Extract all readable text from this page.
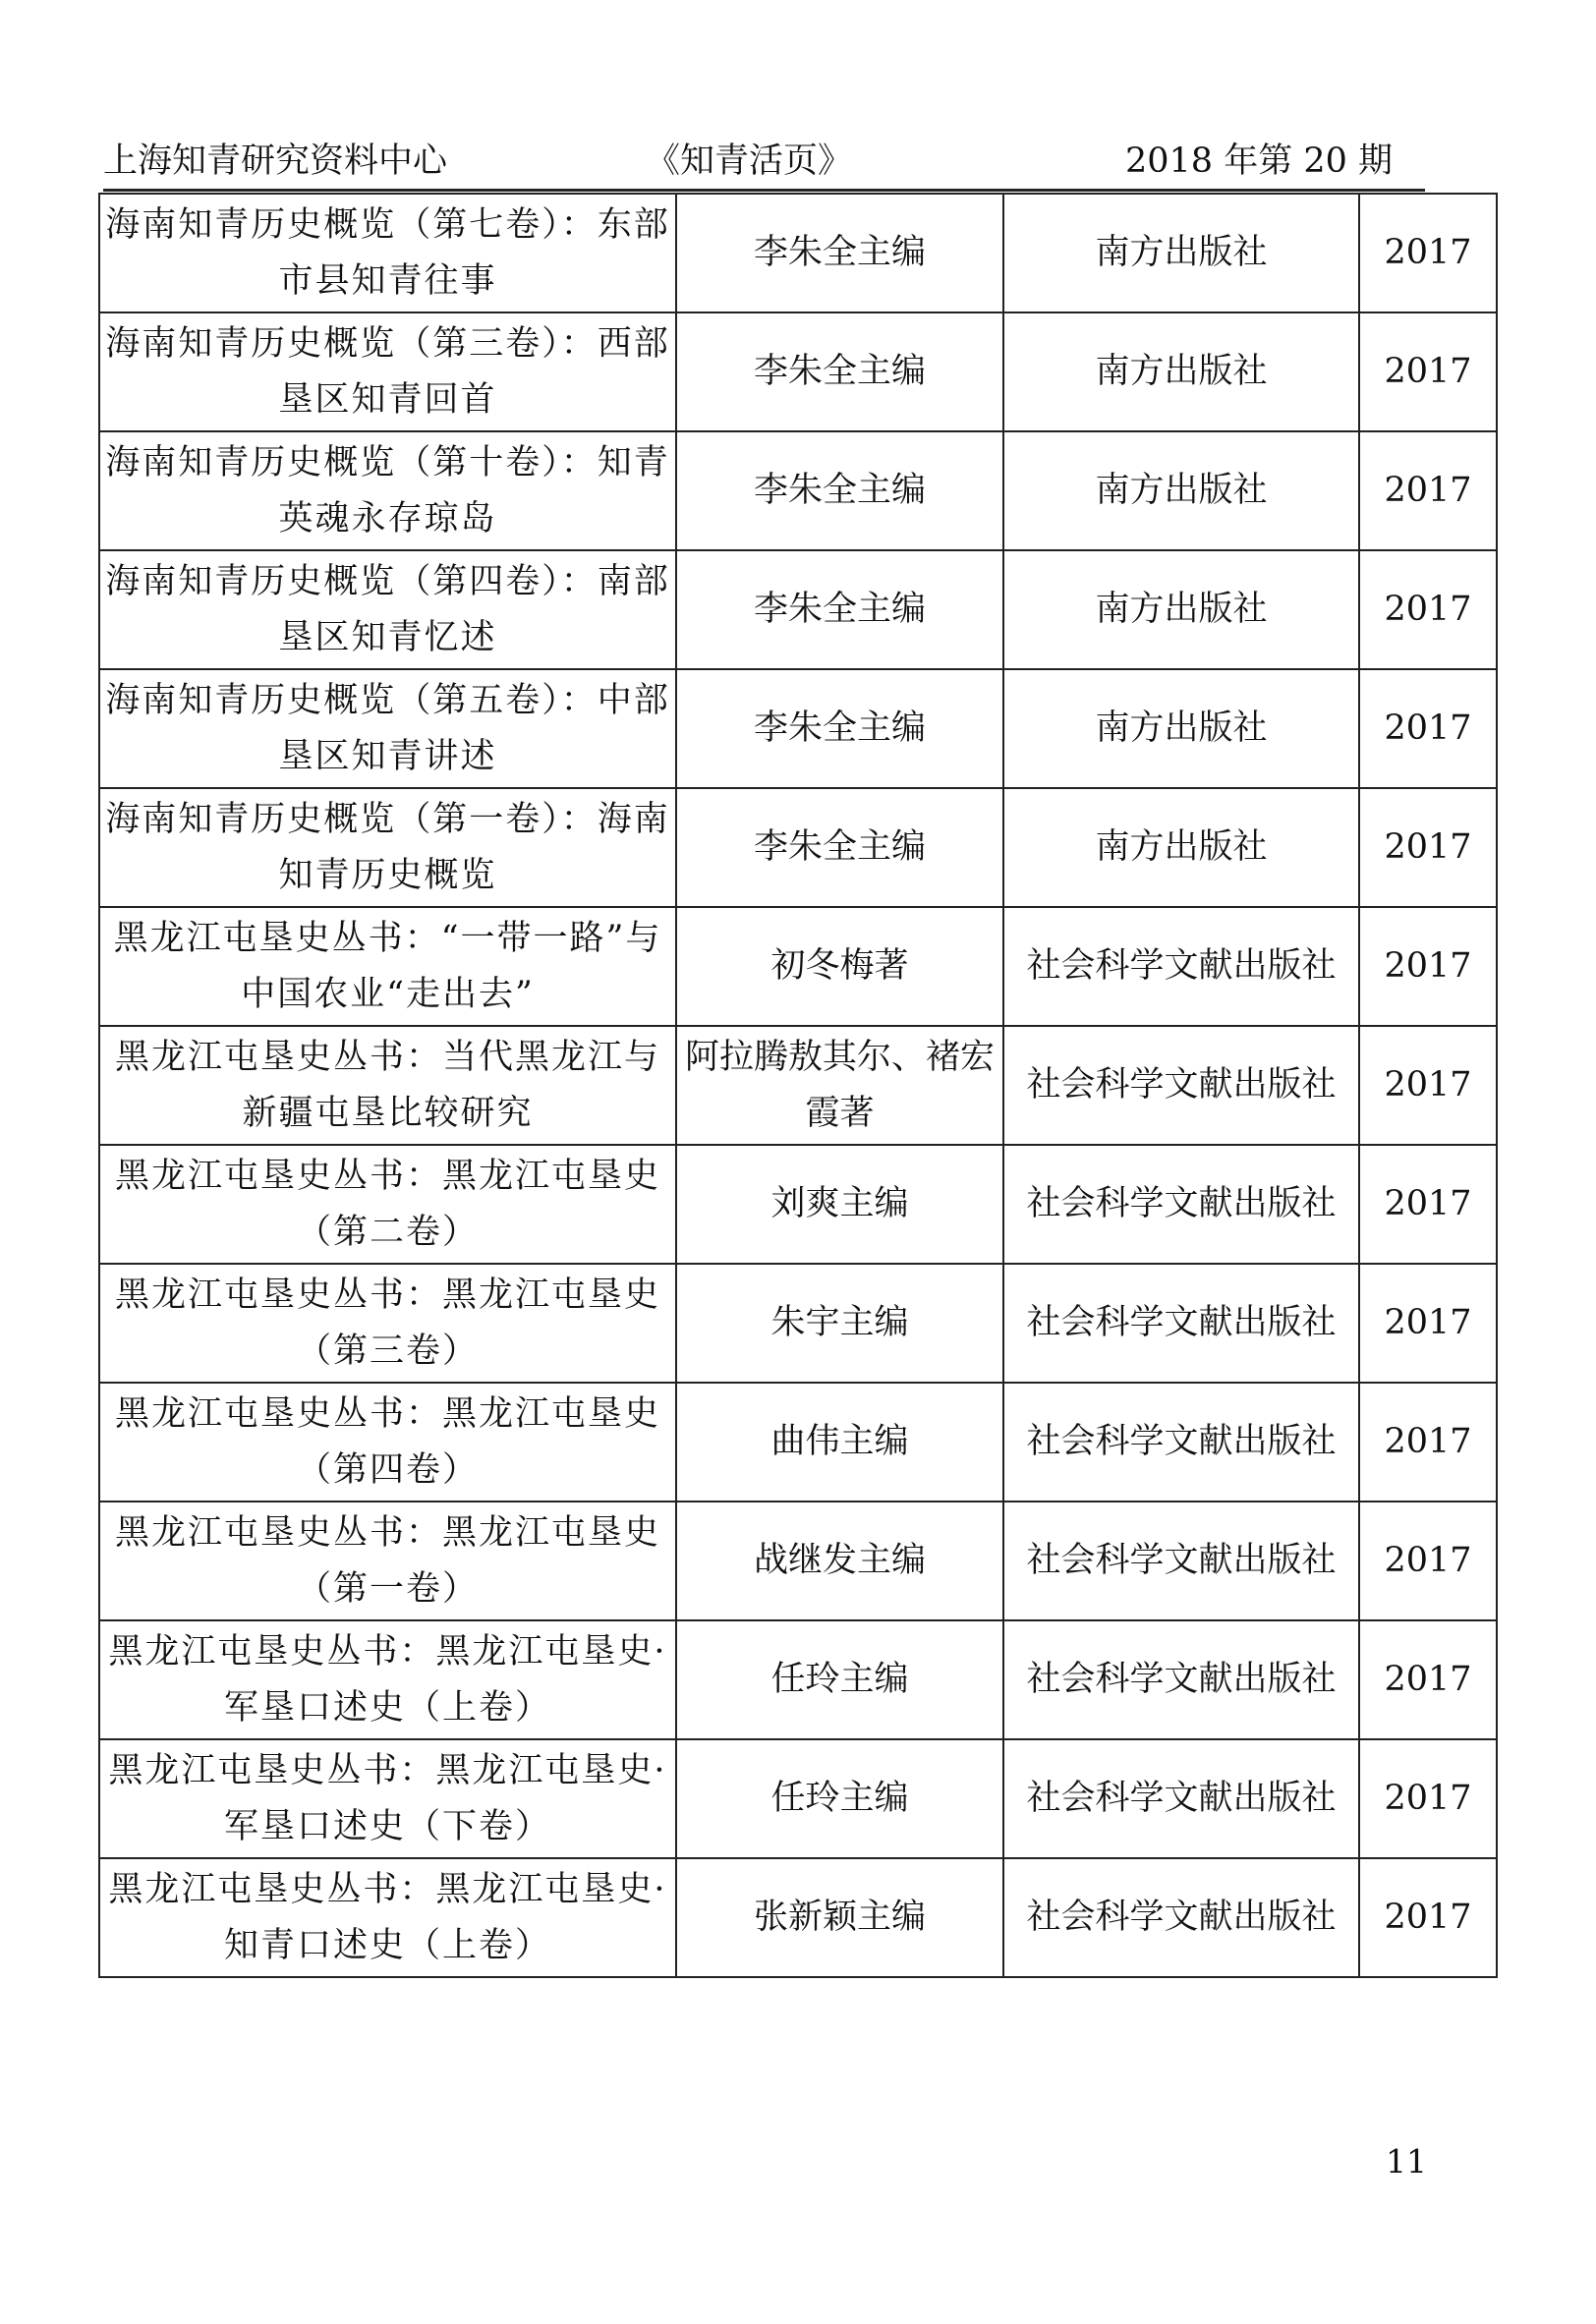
上海知青研究资料中心	《知青活页》	2018 年第 20 期
海南知青历史概览（第七卷）：东部市县知青往事	李朱全主编	南方出版社	2017
海南知青历史概览（第三卷）：西部垦区知青回首	李朱全主编	南方出版社	2017
海南知青历史概览（第十卷）：知青英魂永存琼岛	李朱全主编	南方出版社	2017
海南知青历史概览（第四卷）：南部垦区知青忆述	李朱全主编	南方出版社	2017
海南知青历史概览（第五卷）：中部垦区知青讲述	李朱全主编	南方出版社	2017
海南知青历史概览（第一卷）：海南知青历史概览	李朱全主编	南方出版社	2017
黑龙江屯垦史丛书：“一带一路”与中国农业“走出去”	初冬梅著	社会科学文献出版社	2017
黑龙江屯垦史丛书：当代黑龙江与新疆屯垦比较研究	阿拉腾敖其尔、褚宏霞著	社会科学文献出版社	2017
黑龙江屯垦史丛书：黑龙江屯垦史（第二卷）	刘爽主编	社会科学文献出版社	2017
黑龙江屯垦史丛书：黑龙江屯垦史（第三卷）	朱宇主编	社会科学文献出版社	2017
黑龙江屯垦史丛书：黑龙江屯垦史（第四卷）	曲伟主编	社会科学文献出版社	2017
黑龙江屯垦史丛书：黑龙江屯垦史（第一卷）	战继发主编	社会科学文献出版社	2017
黑龙江屯垦史丛书：黑龙江屯垦史·军垦口述史（上卷）	任玲主编	社会科学文献出版社	2017
黑龙江屯垦史丛书：黑龙江屯垦史·军垦口述史（下卷）	任玲主编	社会科学文献出版社	2017
黑龙江屯垦史丛书：黑龙江屯垦史·知青口述史（上卷）	张新颖主编	社会科学文献出版社	2017
11
